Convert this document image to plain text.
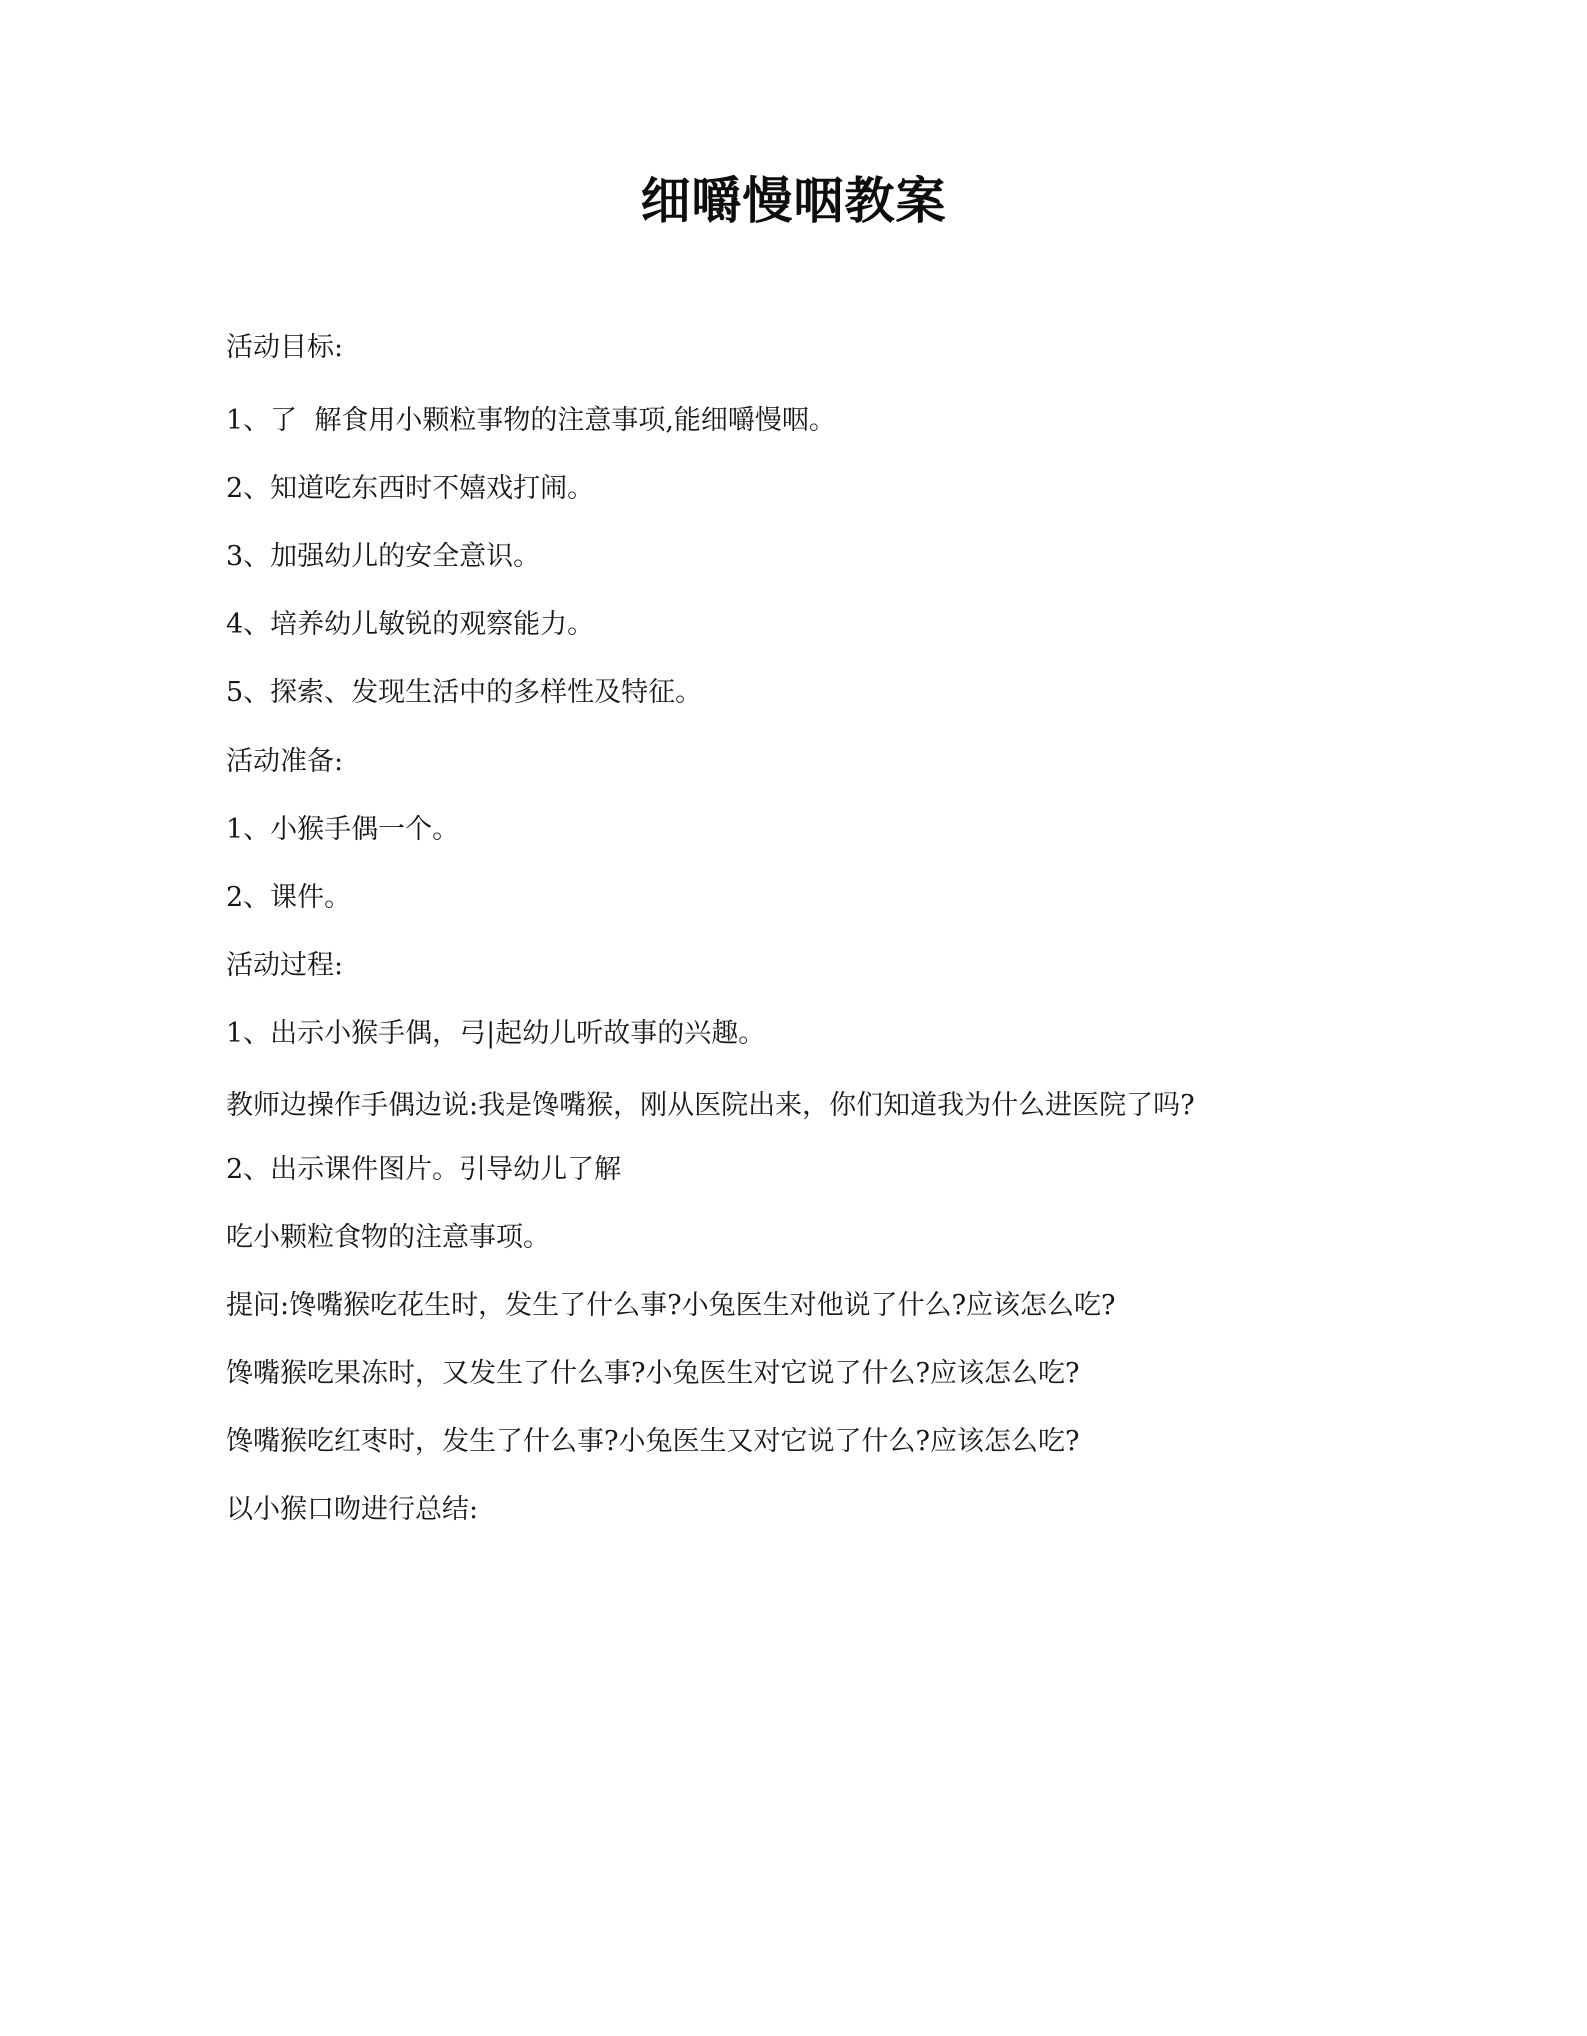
细嚼慢咽教案

活动目标:

1、了  解食用小颗粒事物的注意事项,能细嚼慢咽。

2、知道吃东西时不嬉戏打闹。

3、加强幼儿的安全意识。

4、培养幼儿敏锐的观察能力。

5、探索、发现生活中的多样性及特征。

活动准备:

1、小猴手偶一个。

2、课件。

活动过程:

1、出示小猴手偶，弓|起幼儿听故事的兴趣。

教师边操作手偶边说:我是馋嘴猴，刚从医院出来，你们知道我为什么进医院了吗?

2、出示课件图片。引导幼儿了解

吃小颗粒食物的注意事项。

提问:馋嘴猴吃花生时，发生了什么事?小兔医生对他说了什么?应该怎么吃?

馋嘴猴吃果冻时，又发生了什么事?小兔医生对它说了什么?应该怎么吃?

馋嘴猴吃红枣时，发生了什么事?小兔医生又对它说了什么?应该怎么吃?

以小猴口吻进行总结:
